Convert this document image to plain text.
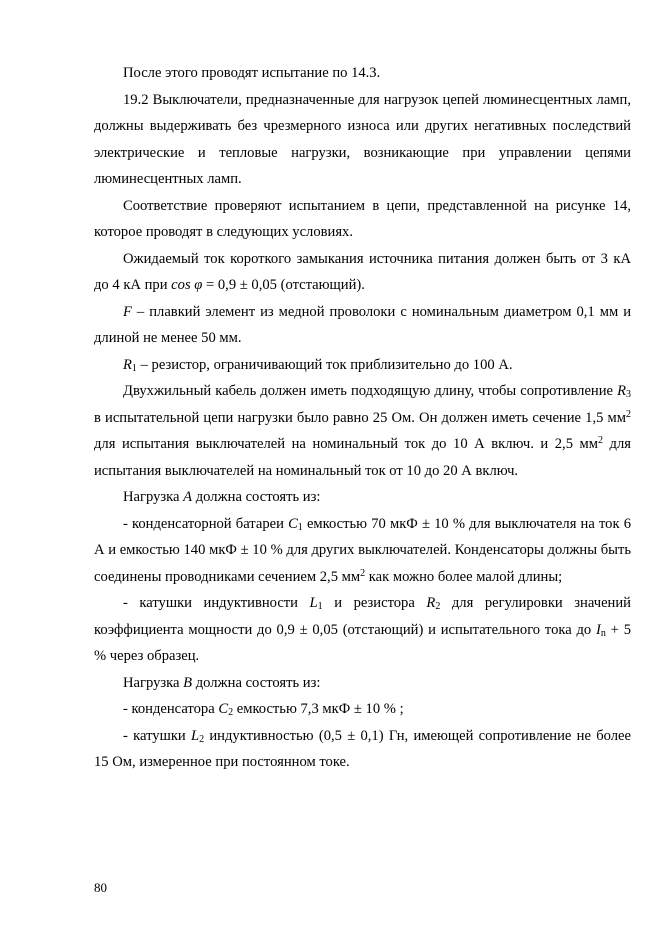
После этого проводят испытание по 14.3.

19.2 Выключатели, предназначенные для нагрузок цепей люминесцентных ламп, должны выдерживать без чрезмерного износа или других негативных последствий электрические и тепловые нагрузки, возникающие при управлении цепями люминесцентных ламп.

Соответствие проверяют испытанием в цепи, представленной на рисунке 14, которое проводят в следующих условиях.

Ожидаемый ток короткого замыкания источника питания должен быть от 3 кА до 4 кА при cos φ = 0,9 ± 0,05 (отстающий).

F – плавкий элемент из медной проволоки с номинальным диаметром 0,1 мм и длиной не менее 50 мм.

$R_1$ – резистор, ограничивающий ток приблизительно до 100 А.

Двухжильный кабель должен иметь подходящую длину, чтобы сопротивление $R_3$ в испытательной цепи нагрузки было равно 25 Ом. Он должен иметь сечение 1,5 $мм^2$ для испытания выключателей на номинальный ток до 10 А включ. и 2,5 $мм^2$ для испытания выключателей на номинальный ток от 10 до 20 А включ.

Нагрузка А должна состоять из:

- конденсаторной батареи $С_1$ емкостью 70 мкФ ± 10 % для выключателя на ток 6 А и емкостью 140 мкФ ± 10 % для других выключателей. Конденсаторы должны быть соединены проводниками сечением 2,5 $мм^2$ как можно более малой длины;

- катушки индуктивности $L_1$ и резистора $R_2$ для регулировки значений коэффициента мощности до 0,9 ± 0,05 (отстающий) и испытательного тока до $I_n + 5$ % через образец.

Нагрузка В должна состоять из:

- конденсатора $С_2$ емкостью 7,3 мкФ ± 10 % ;

- катушки $L_2$ индуктивностью (0,5 ± 0,1) Гн, имеющей сопротивление не более 15 Ом, измеренное при постоянном токе.

80
